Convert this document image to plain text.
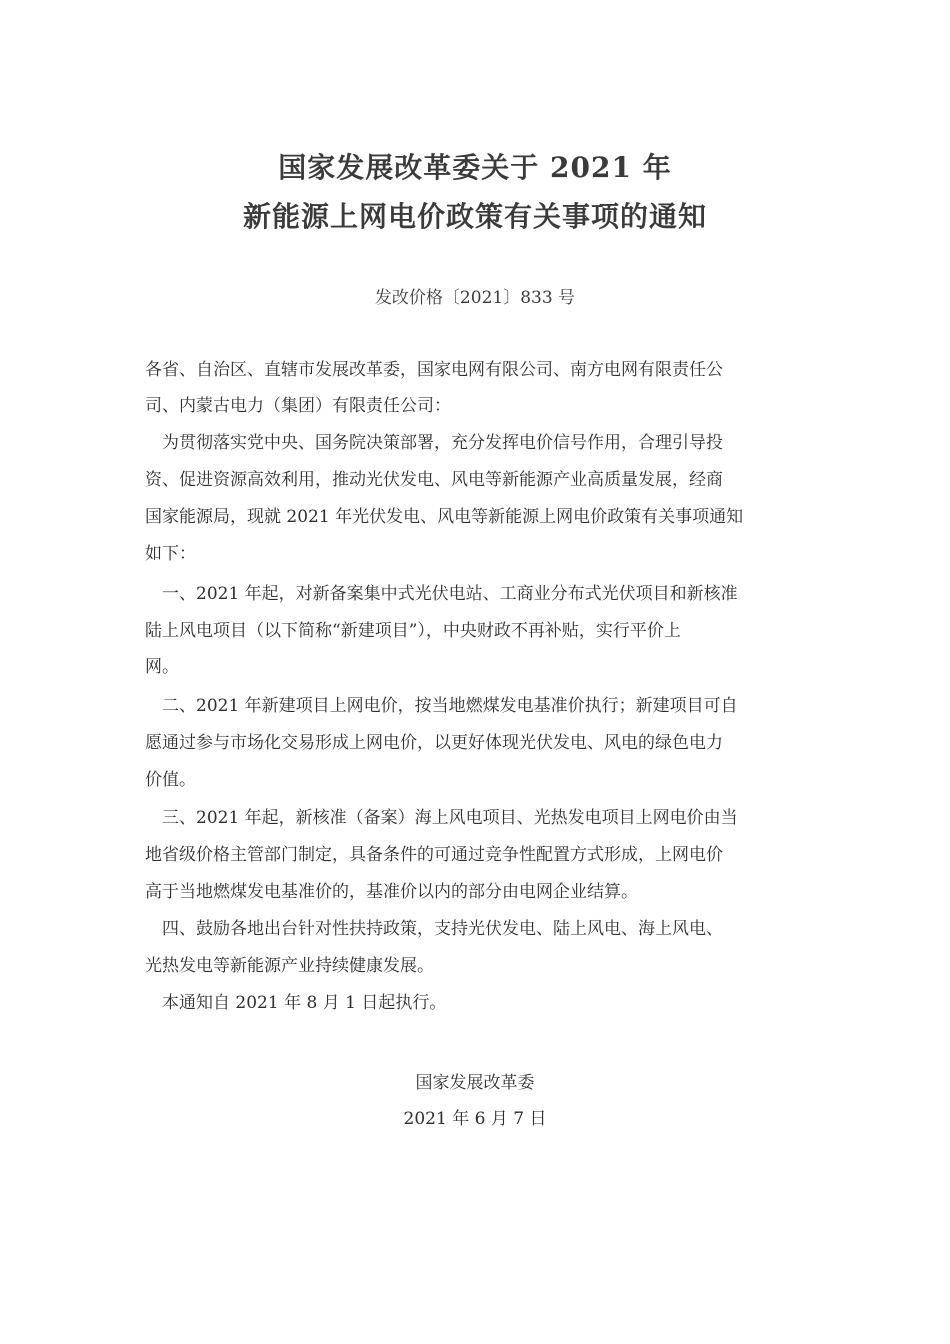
国家发展改革委关于 2021 年
新能源上网电价政策有关事项的通知
发改价格〔2021〕833 号
各省、自治区、直辖市发展改革委，国家电网有限公司、南方电网有限责任公
司、内蒙古电力（集团）有限责任公司：
为贯彻落实党中央、国务院决策部署，充分发挥电价信号作用，合理引导投
资、促进资源高效利用，推动光伏发电、风电等新能源产业高质量发展，经商
国家能源局，现就 2021 年光伏发电、风电等新能源上网电价政策有关事项通知
如下：
一、2021 年起，对新备案集中式光伏电站、工商业分布式光伏项目和新核准
陆上风电项目（以下简称“新建项目”），中央财政不再补贴，实行平价上
网。
二、2021 年新建项目上网电价，按当地燃煤发电基准价执行；新建项目可自
愿通过参与市场化交易形成上网电价，以更好体现光伏发电、风电的绿色电力
价值。
三、2021 年起，新核准（备案）海上风电项目、光热发电项目上网电价由当
地省级价格主管部门制定，具备条件的可通过竞争性配置方式形成，上网电价
高于当地燃煤发电基准价的，基准价以内的部分由电网企业结算。
四、鼓励各地出台针对性扶持政策，支持光伏发电、陆上风电、海上风电、
光热发电等新能源产业持续健康发展。
本通知自 2021 年 8 月 1 日起执行。
国家发展改革委
2021 年 6 月 7 日
